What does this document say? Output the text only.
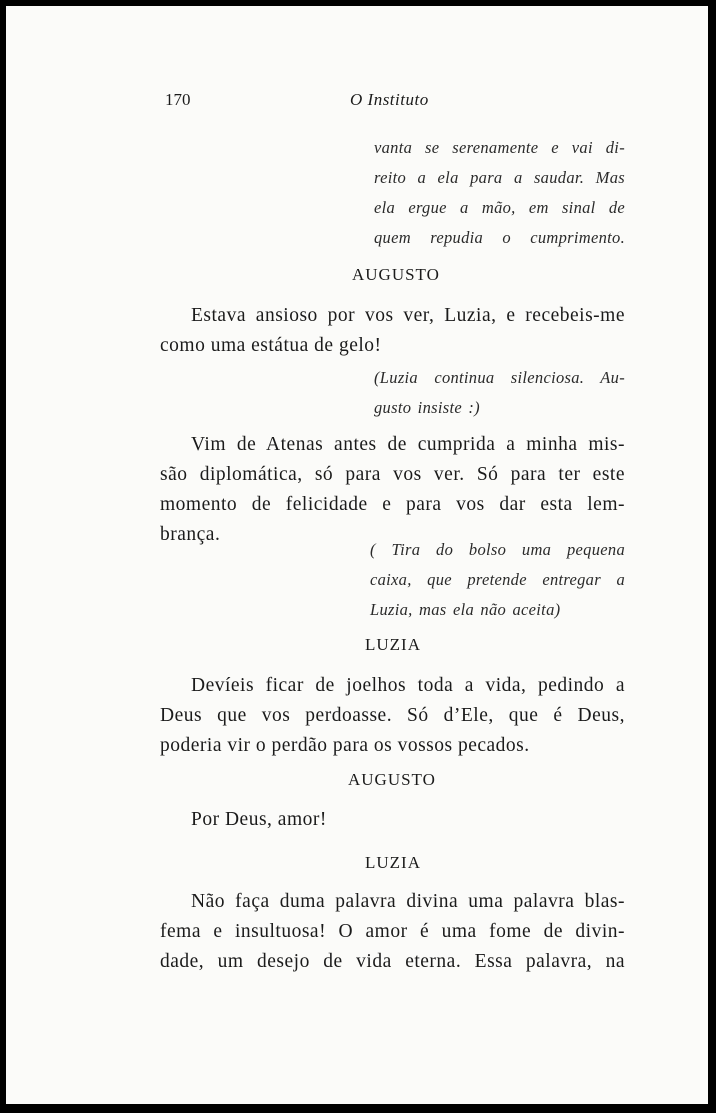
170	O Instituto
vanta se serenamente e vai di-
reito a ela para a saudar. Mas
ela ergue a mão, em sinal de
quem repudia o cumprimento.
AUGUSTO
Estava ansioso por vos ver, Luzia, e recebeis-me
como uma estátua de gelo!
(Luzia continua silenciosa. Au-
gusto insiste :)
Vim de Atenas antes de cumprida a minha mis-
são diplomática, só para vos ver. Só para ter este
momento de felicidade e para vos dar esta lem-
brança.
( Tira do bolso uma pequena
caixa, que pretende entregar a
Luzia, mas ela não aceita)
LUZIA
Devíeis ficar de joelhos toda a vida, pedindo a
Deus que vos perdoasse. Só d’Ele, que é Deus,
poderia vir o perdão para os vossos pecados.
AUGUSTO
Por Deus, amor!
LUZIA
Não faça duma palavra divina uma palavra blas-
fema e insultuosa! O amor é uma fome de divin-
dade, um desejo de vida eterna. Essa palavra, na
